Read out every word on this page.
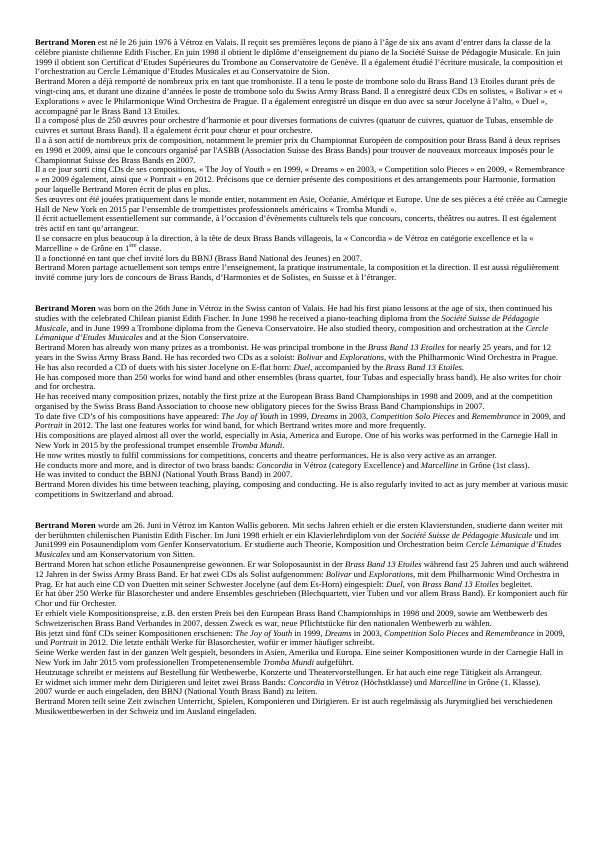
Bertrand Moren est né le 26 juin 1976 à Vétroz en Valais. Il reçoit ses premières leçons de piano à l’âge de six ans avant d’entrer dans la classe de la célèbre pianiste chilienne Edith Fischer. En juin 1998 il obtient le diplôme d’enseignement du piano de la Société Suisse de Pédagogie Musicale. En juin 1999 il obtient son Certificat d’Etudes Supérieures du Trombone au Conservatoire de Genève. Il a également étudié l’écriture musicale, la composition et l’orchestration au Cercle Lémanique d’Etudes Musicales et au Conservatoire de Sion.

Bertrand Moren a déjà remporté de nombreux prix en tant que tromboniste. Il a tenu le poste de trombone solo du Brass Band 13 Etoiles durant près de vingt-cinq ans, et durant une dizaine d’années le poste de trombone solo du Swiss Army Brass Band. Il a enregistré deux CDs en solistes, « Bolivar » et « Explorations » avec le Philarmonique Wind Orchestra de Prague. Il a également enregistré un disque en duo avec sa sœur Jocelyne à l’alto, « Duel », accompagné par le Brass Band 13 Etoiles.

Il a composé plus de 250 œuvres pour orchestre d’harmonie et pour diverses formations de cuivres (quatuor de cuivres, quatuor de Tubas, ensemble de cuivres et surtout Brass Band). Il a également écrit pour chœur et pour orchestre.

Il a à son actif de nombreux prix de composition, notamment le premier prix du Championnat Européen de composition pour Brass Band à deux reprises en 1998 et 2009, ainsi que le concours organisé par l'ASBB (Association Suisse des Brass Bands) pour trouver de nouveaux morceaux imposés pour le Championnat Suisse des Brass Bands en 2007.

Il a ce jour sorti cinq CDs de ses compositions, « The Joy of Youth » en 1999, « Dreams » en 2003, « Competition solo Pieces » en 2009, « Remembrance » en 2009 également, ainsi que « Portrait » en 2012. Précisons que ce dernier présente des compositions et des arrangements pour Harmonie, formation pour laquelle Bertrand Moren écrit de plus en plus.

Ses œuvres ont été jouées pratiquement dans le monde entier, notamment en Asie, Océanie, Amérique et Europe. Une de ses pièces a été créée au Carnegie Hall de New York en 2015 par l’ensemble de trompettistes professionnels américains « Tromba Mundi ».

Il écrit actuellement essentiellement sur commande, à l’occasion d’évènements culturels tels que concours, concerts, théâtres ou autres. Il est également très actif en tant qu’arrangeur.

Il se consacre en plus beaucoup à la direction, à la tête de deux Brass Bands villageois, la « Concordia » de Vétroz en catégorie excellence et la « Marcelline » de Grône en 1ère classe.

Il a fonctionné en tant que chef invité lors du BBNJ (Brass Band National des Jeunes) en 2007.

Bertrand Moren partage actuellement son temps entre l’enseignement, la pratique instrumentale, la composition et la direction. Il est aussi régulièrement invité comme jury lors de concours de Brass Bands, d’Harmonies et de Solistes, en Suisse et à l’étranger.

Bertrand Moren was born on the 26th June in Vétroz in the Swiss canton of Valais. He had his first piano lessons at the age of six, then continued his studies with the celebrated Chilean pianist Edith Fischer. In June 1998 he received a piano-teaching diploma from the Société Suisse de Pédagogie Musicale, and in June 1999 a Trombone diploma from the Geneva Conservatoire. He also studied theory, composition and orchestration at the Cercle Lémanique d’Etudes Musicales and at the Sion Conservatoire.

Bertrand Moren has already won many prizes as a trombonist. He was principal trombone in the Brass Band 13 Etoiles for nearly 25 years, and for 12 years in the Swiss Army Brass Band. He has recorded two CDs as a soloist: Bolivar and Explorations, with the Philharmonic Wind Orchestra in Prague. He has also recorded a CD of duets with his sister Jocelyne on E-flat horn: Duel, accompanied by the Brass Band 13 Etoiles.

He has composed more than 250 works for wind band and other ensembles (brass quartet, four Tubas and especially brass band). He also writes for choir and for orchestra.

He has received many composition prizes, notably the first prize at the European Brass Band Championships in 1998 and 2009, and at the competition organised by the Swiss Brass Band Association to choose new obligatory pieces for the Swiss Brass Band Championships in 2007.

To date five CD’s of his compositions have appeared: The Joy of Youth in 1999, Dreams in 2003, Competition Solo Pieces and Remembrance in 2009, and Portrait in 2012. The last one features works for wind band, for which Bertrand writes more and more frequently.

His compositions are played almost all over the world, especially in Asia, America and Europe. One of his works was performed in the Carnegie Hall in New York in 2015 by the professional trumpet ensemble Tromba Mundi.

He now writes mostly to fulfil commissions for competitions, concerts and theatre performances. He is also very active as an arranger.

He conducts more and more, and is director of two brass bands: Concordia in Vétroz (category Excellence) and Marcelline in Grône (1st class).

He was invited to conduct the BBNJ (National Youth Brass Band) in 2007.

Bertrand Moren divides his time between teaching, playing, composing and conducting. He is also regularly invited to act as jury member at various music competitions in Switzerland and abroad.

Bertrand Moren wurde am 26. Juni in Vétroz im Kanton Wallis geboren. Mit sechs Jahren erhielt er die ersten Klavierstunden, studierte dann weiter mit der berühmten chilenischen Pianistin Edith Fischer. Im Juni 1998 erhielt er ein Klavierlehrdiplom von der Société Suisse de Pédagogie Musicale und im Juni1999 ein Posaunendiplom vom Genfer Konservatorium. Er studierte auch Theorie, Komposition und Orchestration beim Cercle Lémanique d’Etudes Musicales und am Konservatorium von Sitten.

Bertrand Moren hat schon etliche Posaunenpreise gewonnen. Er war Soloposaunist in der Brass Band 13 Etoiles während fast 25 Jahren und auch während 12 Jahren in der Swiss Army Brass Band. Er hat zwei CDs als Solist aufgenommen: Bolivar und Explorations, mit dem Philharmonic Wind Orchestra in Prag. Er hat auch eine CD von Duetten mit seiner Schwester Jocelyne (auf dem Es-Horn) eingespielt: Duel, von Brass Band 13 Etoiles begleitet.

Er hat über 250 Werke für Blasorchester und andere Ensembles geschrieben (Blechquartett, vier Tuben und vor allem Brass Band). Er komponiert auch für Chor und für Orchester.

Er erhielt viele Kompositionspreise, z.B. den ersten Preis bei den European Brass Band Championships in 1998 und 2009, sowie am Wettbewerb des Schweizerischen Brass Band Verbandes in 2007, dessen Zweck es war, neue Pflichtstücke für den nationalen Wettbewerb zu wählen.

Bis jetzt sind fünf CDs seiner Kompositionen erschienen: The Joy of Youth in 1999, Dreams in 2003, Competition Solo Pieces and Remembrance in 2009, und Portrait in 2012. Die letzte enthält Werke für Blasorchester, wofür er immer häufiger schreibt.

Seine Werke werden fast in der ganzen Welt gespielt, besonders in Asien, Amerika und Europa. Eine seiner Kompositionen wurde in der Carnegie Hall in New York im Jahr 2015 vom professionellen Trompetenensemble Tromba Mundi aufgeführt.

Heutzutage schreibt er meistens auf Bestellung für Wettbewerbe, Konzerte und Theatervorstellungen. Er hat auch eine rege Tätigkeit als Arrangeur.

Er widmet sich immer mehr dem Dirigieren und leitet zwei Brass Bands: Concordia in Vétroz (Höchstklasse) und Marcelline in Grône (1. Klasse).

2007 wurde er auch eingeladen, den BBNJ (National Youth Brass Band) zu leiten.

Bertrand Moren teilt seine Zeit zwischen Unterricht, Spielen, Komponieren und Dirigieren. Er ist auch regelmässig als Jurymitglied bei verschiedenen Musikwettbewerben in der Schweiz und im Ausland eingeladen.
